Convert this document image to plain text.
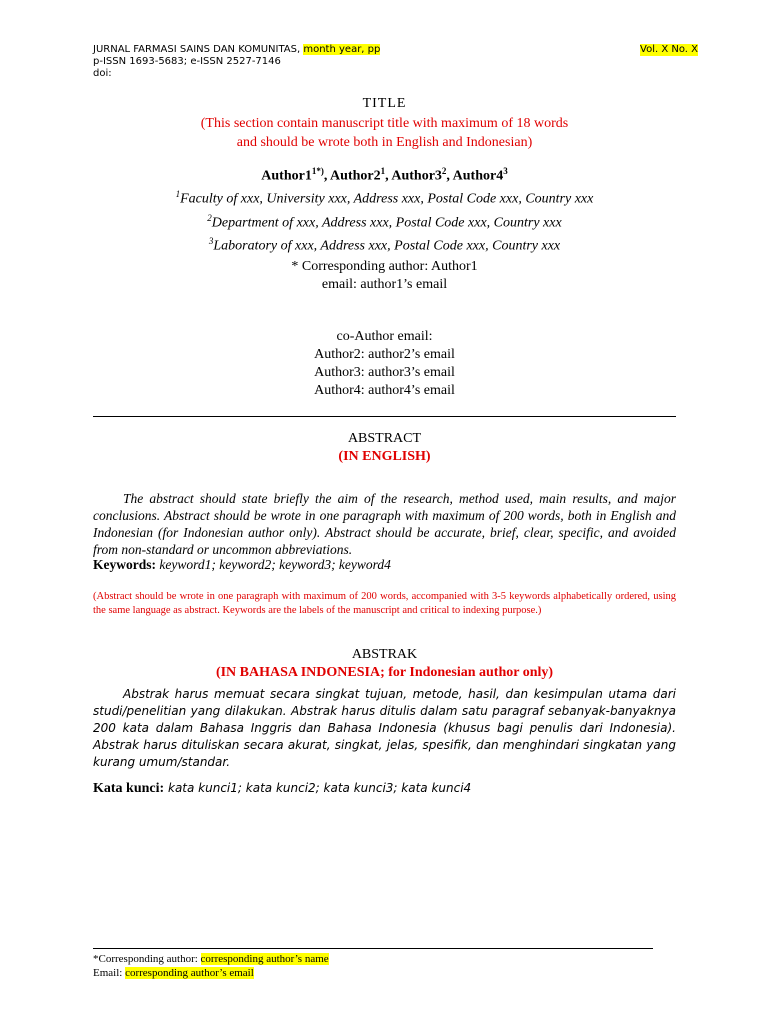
JURNAL FARMASI SAINS DAN KOMUNITAS, month year, pp	Vol. X No. X
p-ISSN 1693-5683; e-ISSN 2527-7146
doi:
TITLE
(This section contain manuscript title with maximum of 18 words
and should be wrote both in English and Indonesian)
$Author1^{1*)}$, $Author2^1$, $Author3^2$, $Author4^3$
$^1$Faculty of xxx, University xxx, Address xxx, Postal Code xxx, Country xxx
$^2$Department of xxx, Address xxx, Postal Code xxx, Country xxx
$^3$Laboratory of xxx, Address xxx, Postal Code xxx, Country xxx
* Corresponding author: Author1
email: author1’s email
co-Author email:
Author2: author2’s email
Author3: author3’s email
Author4: author4’s email
ABSTRACT
(IN ENGLISH)
The abstract should state briefly the aim of the research, method used, main results, and major conclusions. Abstract should be wrote in one paragraph with maximum of 200 words, both in English and Indonesian (for Indonesian author only). Abstract should be accurate, brief, clear, specific, and avoided from non-standard or uncommon abbreviations.
Keywords: keyword1; keyword2; keyword3; keyword4
(Abstract should be wrote in one paragraph with maximum of 200 words, accompanied with 3-5 keywords alphabetically ordered, using the same language as abstract. Keywords are the labels of the manuscript and critical to indexing purpose.)
ABSTRAK
(IN BAHASA INDONESIA; for Indonesian author only)
Abstrak harus memuat secara singkat tujuan, metode, hasil, dan kesimpulan utama dari studi/penelitian yang dilakukan. Abstrak harus ditulis dalam satu paragraf sebanyak-banyaknya 200 kata dalam Bahasa Inggris dan Bahasa Indonesia (khusus bagi penulis dari Indonesia). Abstrak harus dituliskan secara akurat, singkat, jelas, spesifik, dan menghindari singkatan yang kurang umum/standar.
Kata kunci: kata kunci1; kata kunci2; kata kunci3; kata kunci4
*Corresponding author: corresponding author’s name
Email: corresponding author’s email
